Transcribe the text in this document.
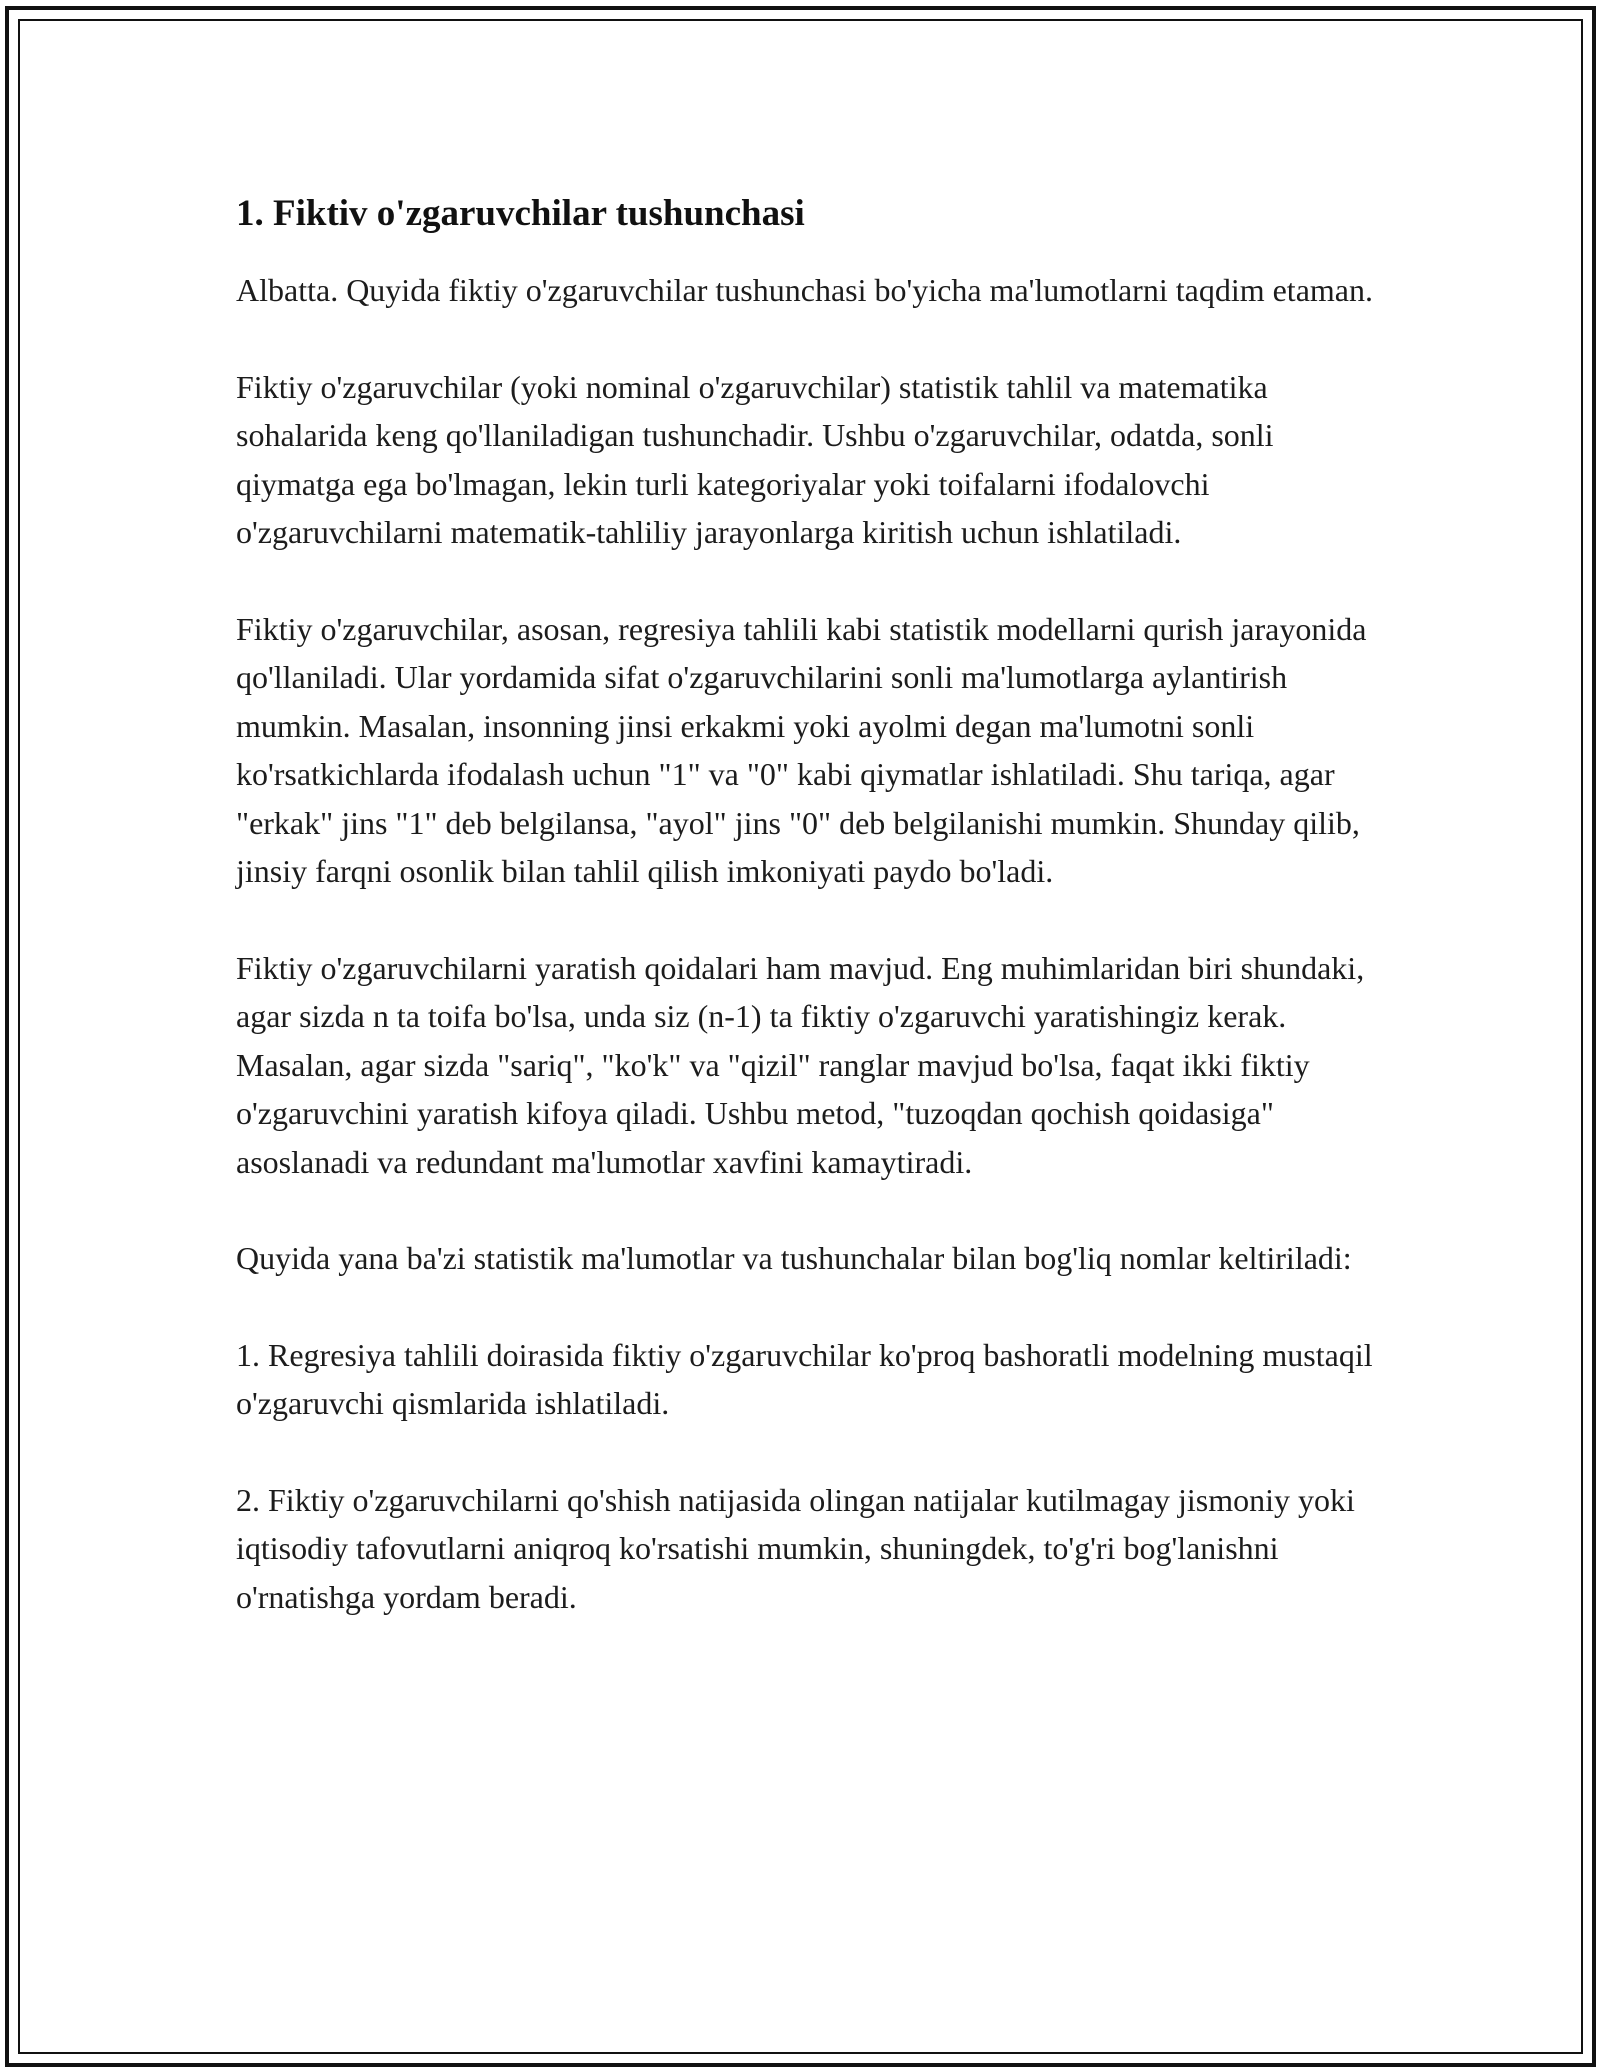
1. Fiktiv o'zgaruvchilar tushunchasi

Albatta. Quyida fiktiy o'zgaruvchilar tushunchasi bo'yicha ma'lumotlarni taqdim etaman.

Fiktiy o'zgaruvchilar (yoki nominal o'zgaruvchilar) statistik tahlil va matematika sohalarida keng qo'llaniladigan tushunchadir. Ushbu o'zgaruvchilar, odatda, sonli qiymatga ega bo'lmagan, lekin turli kategoriyalar yoki toifalarni ifodalovchi o'zgaruvchilarni matematik-tahliliy jarayonlarga kiritish uchun ishlatiladi.

Fiktiy o'zgaruvchilar, asosan, regresiya tahlili kabi statistik modellarni qurish jarayonida qo'llaniladi. Ular yordamida sifat o'zgaruvchilarini sonli ma'lumotlarga aylantirish mumkin. Masalan, insonning jinsi erkakmi yoki ayolmi degan ma'lumotni sonli ko'rsatkichlarda ifodalash uchun "1" va "0" kabi qiymatlar ishlatiladi. Shu tariqa, agar "erkak" jins "1" deb belgilansa, "ayol" jins "0" deb belgilanishi mumkin. Shunday qilib, jinsiy farqni osonlik bilan tahlil qilish imkoniyati paydo bo'ladi.

Fiktiy o'zgaruvchilarni yaratish qoidalari ham mavjud. Eng muhimlaridan biri shundaki, agar sizda n ta toifa bo'lsa, unda siz (n-1) ta fiktiy o'zgaruvchi yaratishingiz kerak. Masalan, agar sizda "sariq", "ko'k" va "qizil" ranglar mavjud bo'lsa, faqat ikki fiktiy o'zgaruvchini yaratish kifoya qiladi. Ushbu metod, "tuzoqdan qochish qoidasiga" asoslanadi va redundant ma'lumotlar xavfini kamaytiradi.

Quyida yana ba'zi statistik ma'lumotlar va tushunchalar bilan bog'liq nomlar keltiriladi:

1. Regresiya tahlili doirasida fiktiy o'zgaruvchilar ko'proq bashoratli modelning mustaqil o'zgaruvchi qismlarida ishlatiladi.

2. Fiktiy o'zgaruvchilarni qo'shish natijasida olingan natijalar kutilmagay jismoniy yoki iqtisodiy tafovutlarni aniqroq ko'rsatishi mumkin, shuningdek, to'g'ri bog'lanishni o'rnatishga yordam beradi.
